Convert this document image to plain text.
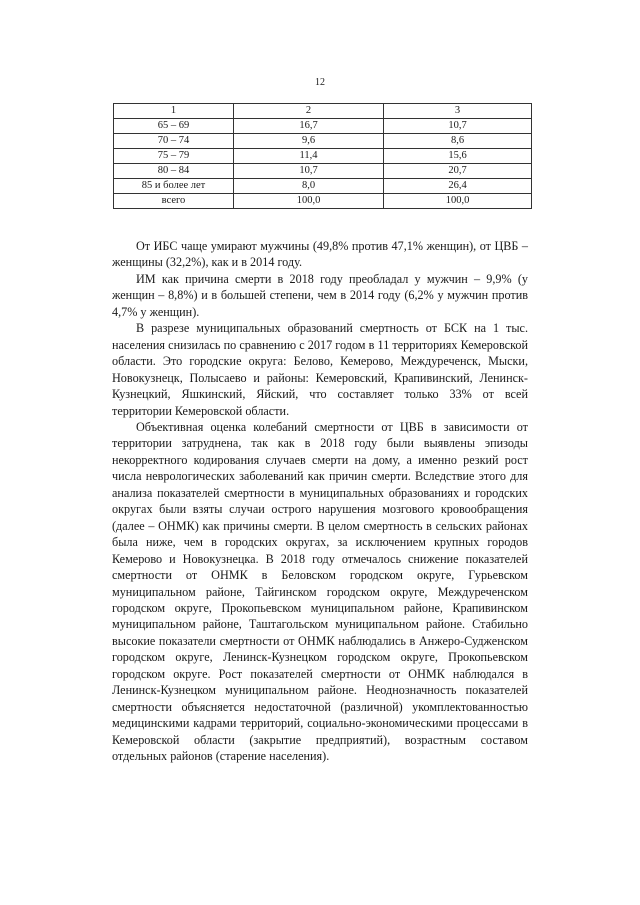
12
1	2	3
65 – 69	16,7	10,7
70 – 74	9,6	8,6
75 – 79	11,4	15,6
80 – 84	10,7	20,7
85 и более лет	8,0	26,4
всего	100,0	100,0

От ИБС чаще умирают мужчины (49,8% против 47,1% женщин), от ЦВБ – женщины (32,2%), как и в 2014 году.

ИМ как причина смерти в 2018 году преобладал у мужчин – 9,9% (у женщин – 8,8%) и в большей степени, чем в 2014 году (6,2% у мужчин против 4,7% у женщин).

В разрезе муниципальных образований смертность от БСК на 1 тыс. населения снизилась по сравнению с 2017 годом в 11 территориях Кемеровской области. Это городские округа: Белово, Кемерово, Междуреченск, Мыски, Новокузнецк, Полысаево и районы: Кемеровский, Крапивинский, Ленинск-Кузнецкий, Яшкинский, Яйский, что составляет только 33% от всей территории Кемеровской области.

Объективная оценка колебаний смертности от ЦВБ в зависимости от территории затруднена, так как в 2018 году были выявлены эпизоды некорректного кодирования случаев смерти на дому, а именно резкий рост числа неврологических заболеваний как причин смерти. Вследствие этого для анализа показателей смертности в муниципальных образованиях и городских округах были взяты случаи острого нарушения мозгового кровообращения (далее – ОНМК) как причины смерти. В целом смертность в сельских районах была ниже, чем в городских округах, за исключением крупных городов Кемерово и Новокузнецка. В 2018 году отмечалось снижение показателей смертности от ОНМК в Беловском городском округе, Гурьевском муниципальном районе, Тайгинском городском округе, Междуреченском городском округе, Прокопьевском муниципальном районе, Крапивинском муниципальном районе, Таштагольском муниципальном районе. Стабильно высокие показатели смертности от ОНМК наблюдались в Анжеро-Судженском городском округе, Ленинск-Кузнецком городском округе, Прокопьевском городском округе. Рост показателей смертности от ОНМК наблюдался в Ленинск-Кузнецком муниципальном районе. Неоднозначность показателей смертности объясняется недостаточной (различной) укомплектованностью медицинскими кадрами территорий, социально-экономическими процессами в Кемеровской области (закрытие предприятий), возрастным составом отдельных районов (старение населения).
